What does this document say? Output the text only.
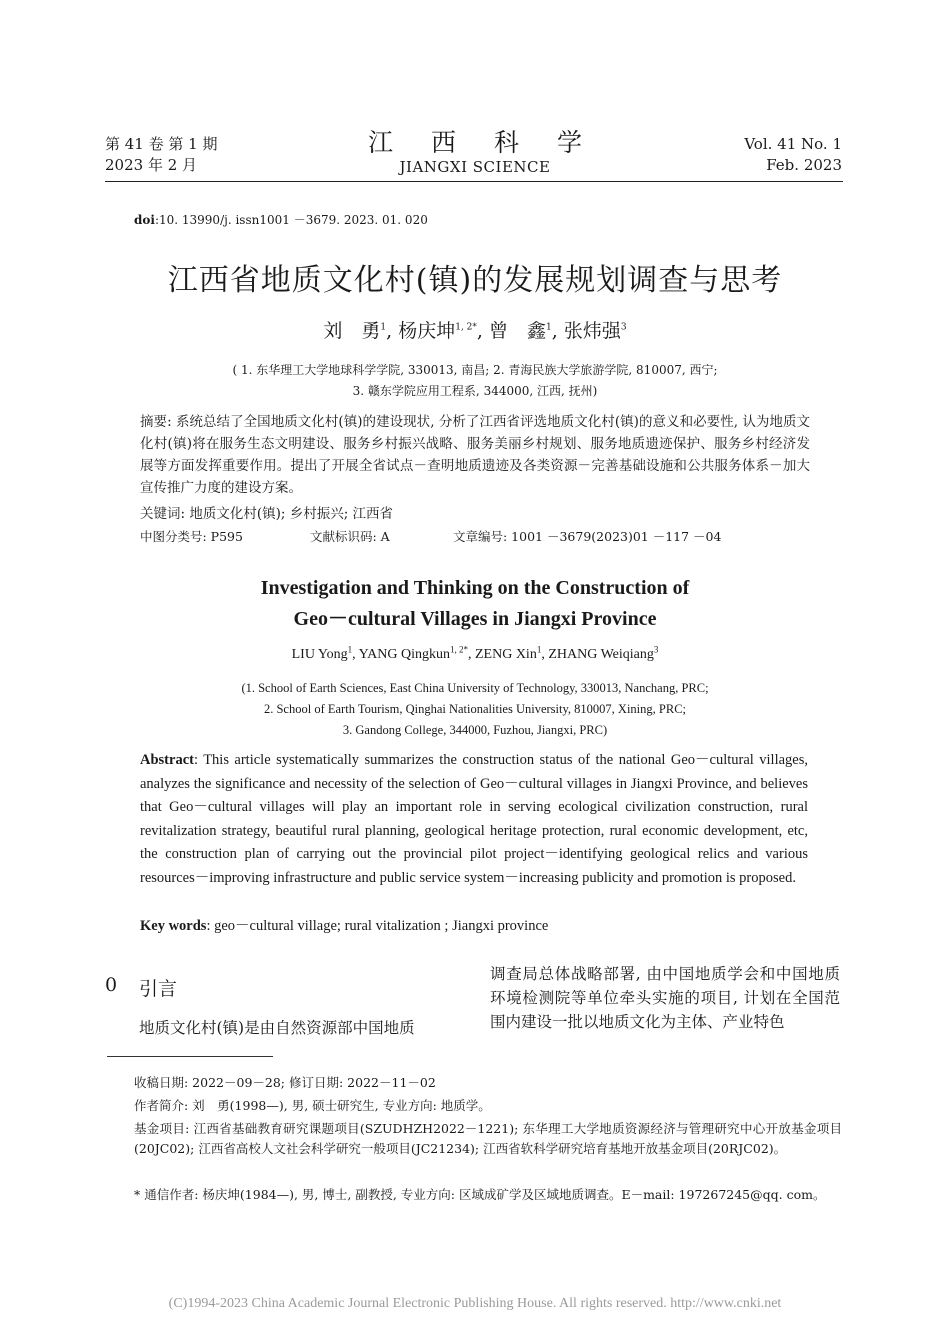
第 41 卷 第 1 期
2023 年 2 月
江西科学
JIANGXI SCIENCE
Vol. 41 No. 1
Feb. 2023
doi:10. 13990/j. issn1001 －3679. 2023. 01. 020
江西省地质文化村(镇)的发展规划调查与思考
刘　勇$^1$, 杨庆坤$^{1, 2*}$, 曾　鑫$^1$, 张炜强$^3$
( 1. 东华理工大学地球科学学院, 330013, 南昌; 2. 青海民族大学旅游学院, 810007, 西宁;
3. 赣东学院应用工程系, 344000, 江西, 抚州)
摘要: 系统总结了全国地质文化村(镇)的建设现状, 分析了江西省评选地质文化村(镇)的意义和必要性, 认为地质文化村(镇)将在服务生态文明建设、服务乡村振兴战略、服务美丽乡村规划、服务地质遗迹保护、服务乡村经济发展等方面发挥重要作用。提出了开展全省试点－查明地质遗迹及各类资源－完善基础设施和公共服务体系－加大宣传推广力度的建设方案。
关键词: 地质文化村(镇); 乡村振兴; 江西省
中图分类号: P595	文献标识码: A	文章编号: 1001 －3679(2023)01 －117 －04
Investigation and Thinking on the Construction of
Geo－cultural Villages in Jiangxi Province
LIU Yong$^1$, YANG Qingkun$^{1, 2*}$, ZENG Xin$^1$, ZHANG Weiqiang$^3$
(1. School of Earth Sciences, East China University of Technology, 330013, Nanchang, PRC;
2. School of Earth Tourism, Qinghai Nationalities University, 810007, Xining, PRC;
3. Gandong College, 344000, Fuzhou, Jiangxi, PRC)
Abstract: This article systematically summarizes the construction status of the national Geo－cultural villages, analyzes the significance and necessity of the selection of Geo－cultural villages in Jiangxi Province, and believes that Geo－cultural villages will play an important role in serving ecological civilization construction, rural revitalization strategy, beautiful rural planning, geological heritage protection, rural economic development, etc, the construction plan of carrying out the provincial pilot project－identifying geological relics and various resources－improving infrastructure and public service system－increasing publicity and promotion is proposed.
Key words: geo－cultural village; rural vitalization ; Jiangxi province
0 引言
地质文化村(镇)是由自然资源部中国地质
调查局总体战略部署, 由中国地质学会和中国地质环境检测院等单位牵头实施的项目, 计划在全国范围内建设一批以地质文化为主体、产业特色
收稿日期: 2022－09－28; 修订日期: 2022－11－02
作者简介: 刘　勇(1998—), 男, 硕士研究生, 专业方向: 地质学。
基金项目: 江西省基础教育研究课题项目(SZUDHZH2022－1221); 东华理工大学地质资源经济与管理研究中心开放基金项目(20JC02); 江西省高校人文社会科学研究一般项目(JC21234); 江西省软科学研究培育基地开放基金项目(20RJC02)。
* 通信作者: 杨庆坤(1984—), 男, 博士, 副教授, 专业方向: 区域成矿学及区域地质调查。E－mail: 197267245@qq. com。
(C)1994-2023 China Academic Journal Electronic Publishing House. All rights reserved. http://www.cnki.net
